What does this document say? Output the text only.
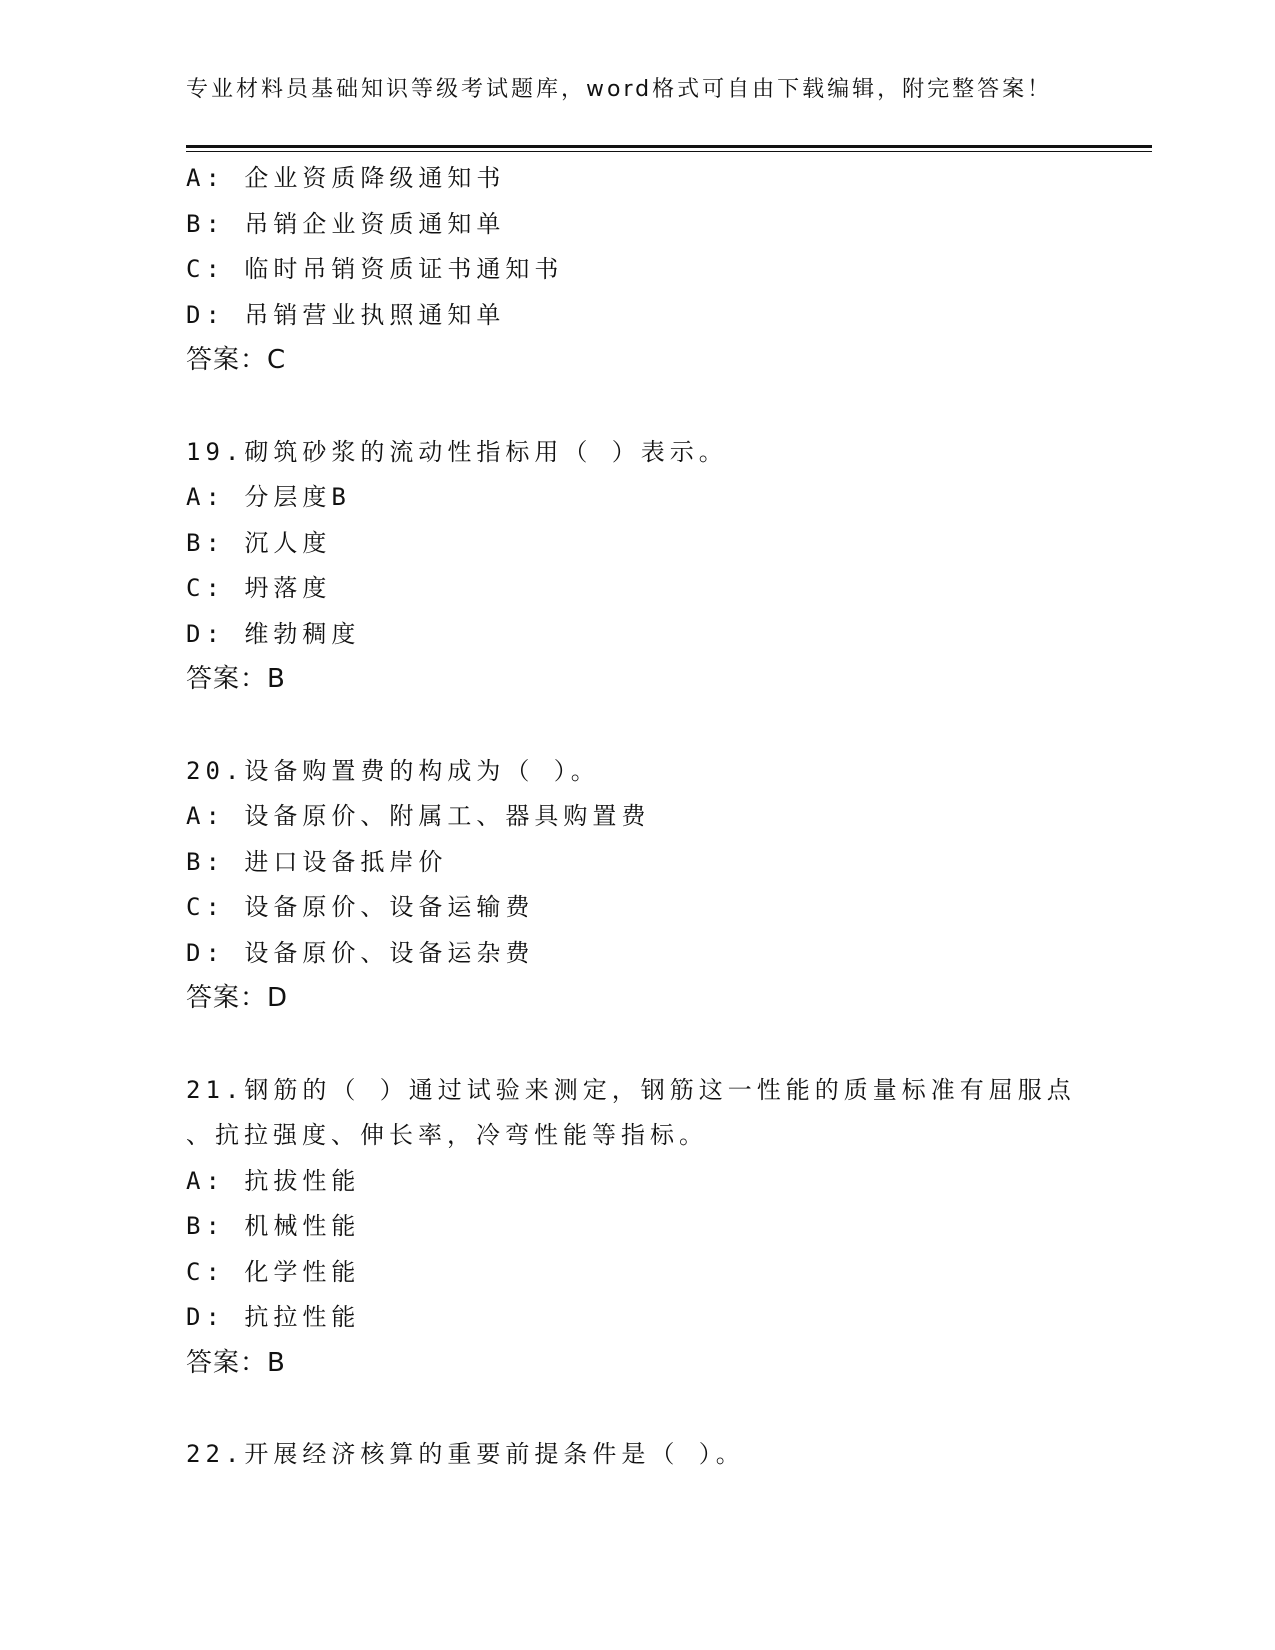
专业材料员基础知识等级考试题库，word格式可自由下载编辑，附完整答案！
A: 企业资质降级通知书
B: 吊销企业资质通知单
C: 临时吊销资质证书通知书
D: 吊销营业执照通知单
答案：C
19.砌筑砂浆的流动性指标用（ ）表示。
A: 分层度B
B: 沉人度
C: 坍落度
D: 维勃稠度
答案：B
20.设备购置费的构成为（ ）。
A: 设备原价、附属工、器具购置费
B: 进口设备抵岸价
C: 设备原价、设备运输费
D: 设备原价、设备运杂费
答案：D
21.钢筋的（ ）通过试验来测定，钢筋这一性能的质量标准有屈服点
、抗拉强度、伸长率，冷弯性能等指标。
A: 抗拔性能
B: 机械性能
C: 化学性能
D: 抗拉性能
答案：B
22.开展经济核算的重要前提条件是（ ）。
